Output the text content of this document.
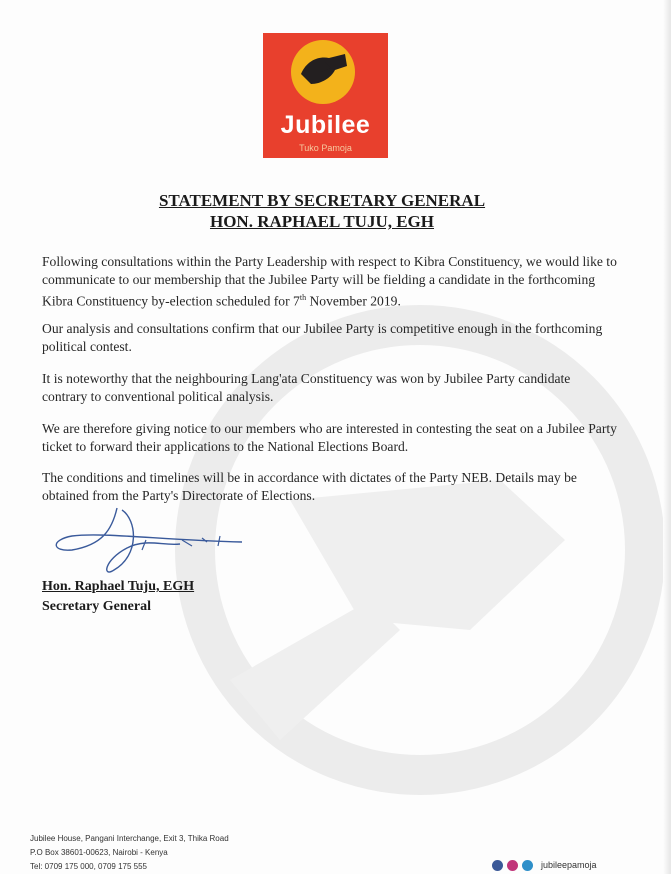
Jubilee
Tuko Pamoja
STATEMENT BY SECRETARY GENERAL
HON. RAPHAEL TUJU, EGH
Following consultations within the Party Leadership with respect to Kibra Constituency, we would like to communicate to our membership that the Jubilee Party will be fielding a candidate in the forthcoming Kibra Constituency by-election scheduled for 7th November 2019.
Our analysis and consultations confirm that our Jubilee Party is competitive enough in the forthcoming political contest.
It is noteworthy that the neighbouring Lang'ata Constituency was won by Jubilee Party candidate contrary to conventional political analysis.
We are therefore giving notice to our members who are interested in contesting the seat on a Jubilee Party ticket to forward their applications to the National Elections Board.
The conditions and timelines will be in accordance with dictates of the Party NEB. Details may be obtained from the Party's Directorate of Elections.
Hon. Raphael Tuju, EGH
Secretary General
Jubilee House, Pangani Interchange, Exit 3, Thika Road
P.O Box 38601-00623, Nairobi - Kenya
Tel: 0709 175 000, 0709 175 555	jubileepamoja
